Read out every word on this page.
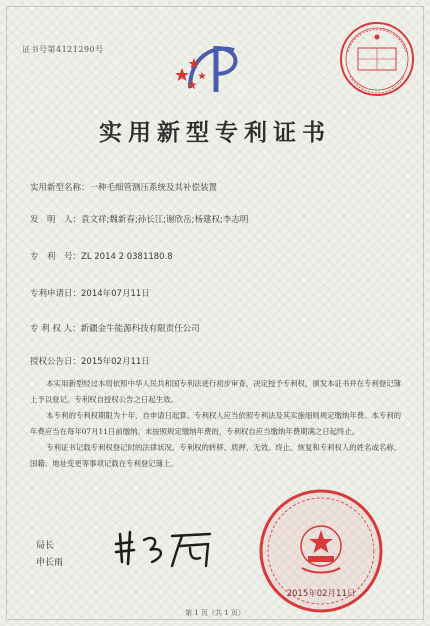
证书号第4121290号
实用新型专利证书
实用新型名称：一种毛细管测压系统及其补偿装置
发　明　人：袁文祥;魏新春;孙长江;谢欣岳;杨建权;李志明
专　利　号：ZL 2014 2 0381180.8
专利申请日：2014年07月11日
专 利 权 人：新疆金牛能源科技有限责任公司
授权公告日：2015年02月11日

本实用新型经过本局依照中华人民共和国专利法进行初步审查，决定授予专利权，颁发本证书并在专利登记簿上予以登记。专利权自授权公告之日起生效。

本专利的专利权期限为十年，自申请日起算。专利权人应当依照专利法及其实施细则规定缴纳年费。本专利的年费应当在每年07月11日前缴纳。未按照规定缴纳年费的，专利权自应当缴纳年费期满之日起终止。

专利证书记载专利权登记时的法律状况。专利权的转移、质押、无效、终止、恢复和专利权人的姓名或名称、国籍、地址变更等事项记载在专利登记簿上。

局长
申长雨
2015年02月11日
第 1 页（共 1 页）
